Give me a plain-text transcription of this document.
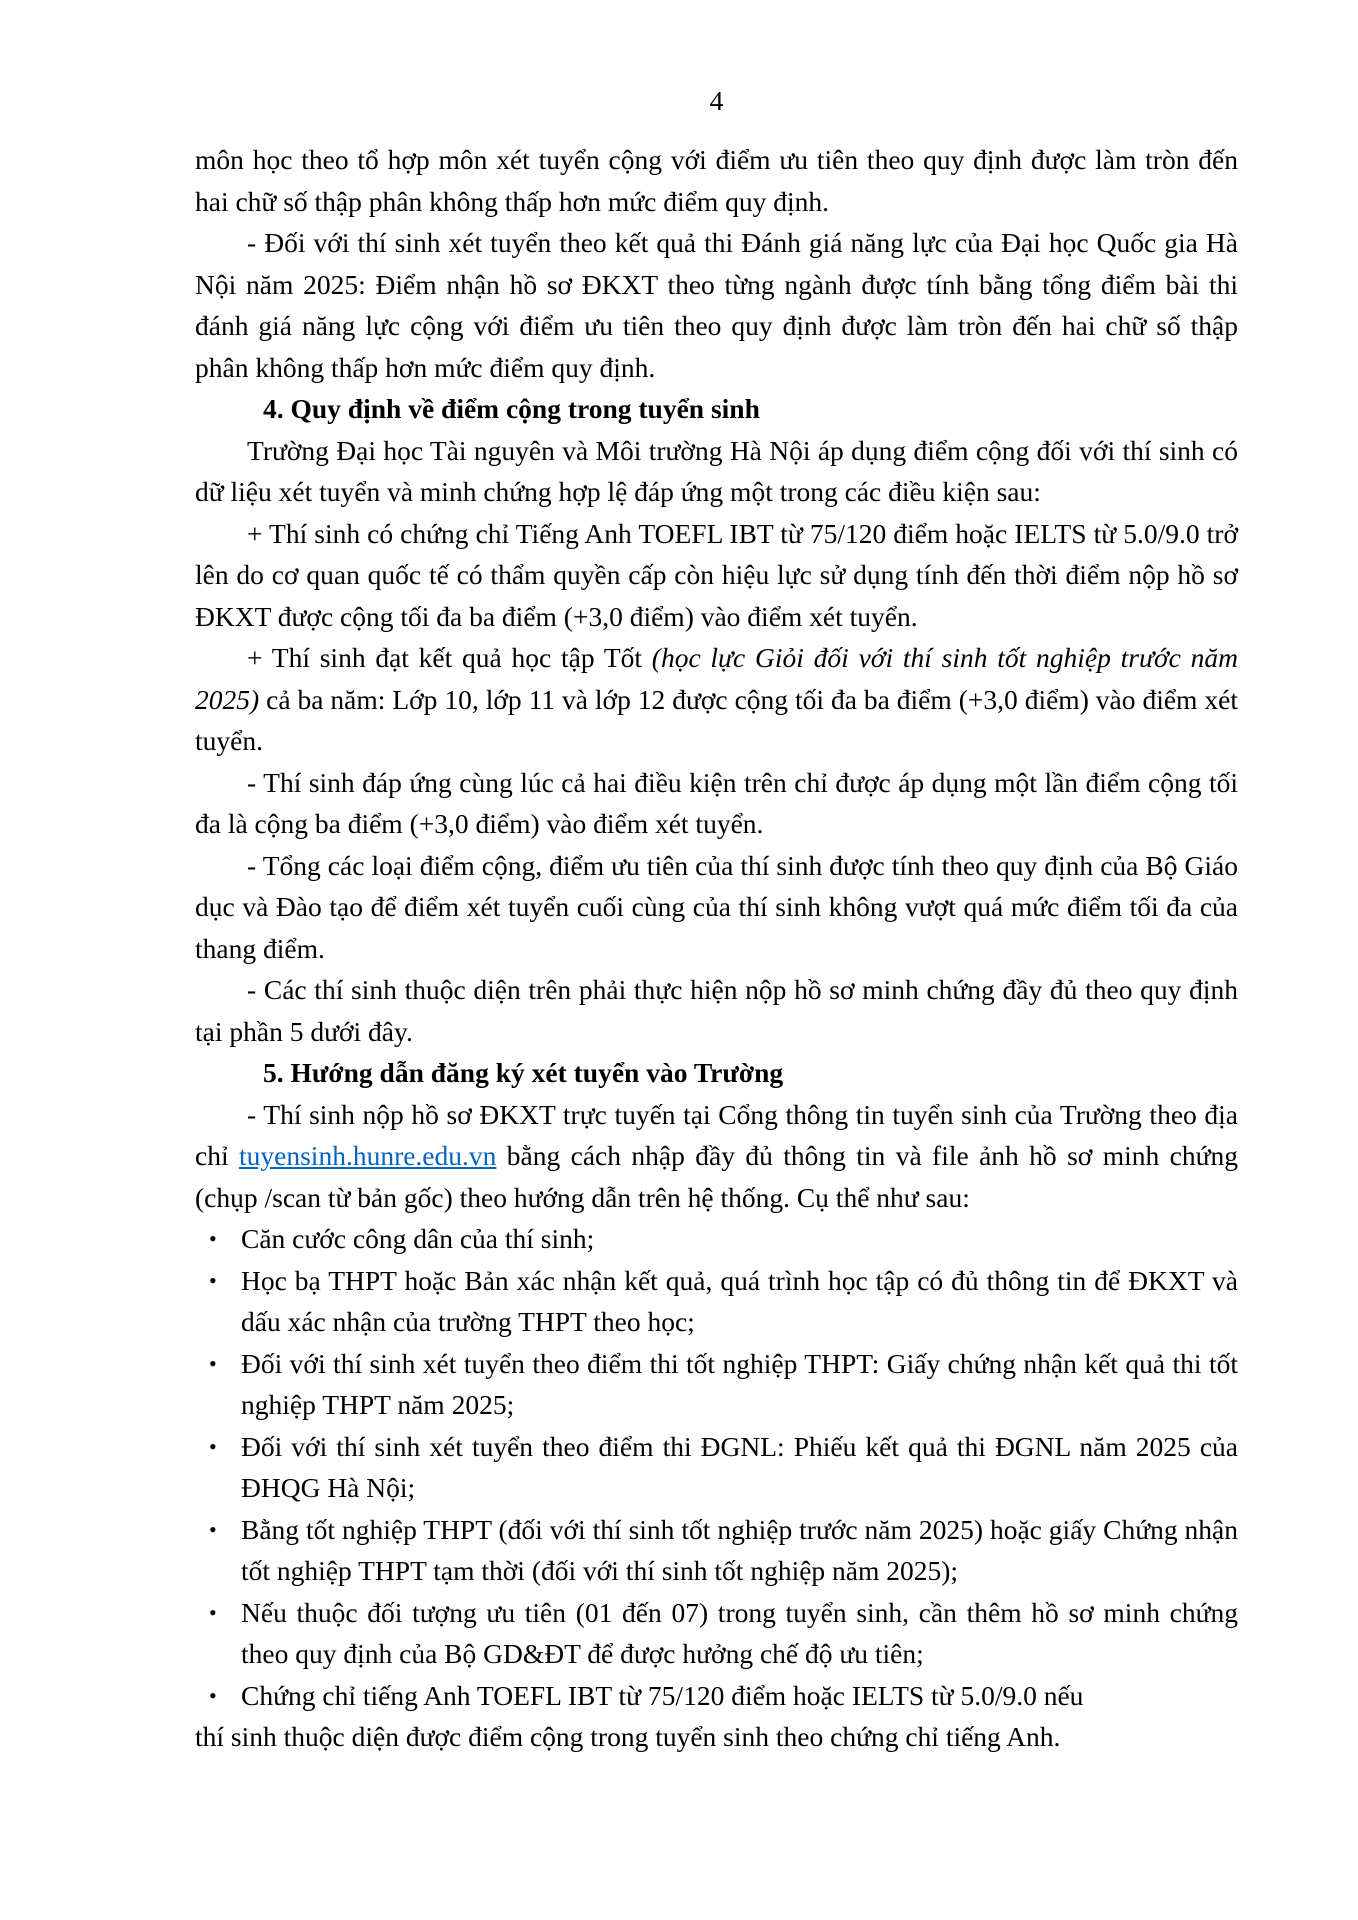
4

môn học theo tổ hợp môn xét tuyển cộng với điểm ưu tiên theo quy định được làm tròn đến hai chữ số thập phân không thấp hơn mức điểm quy định.

- Đối với thí sinh xét tuyển theo kết quả thi Đánh giá năng lực của Đại học Quốc gia Hà Nội năm 2025: Điểm nhận hồ sơ ĐKXT theo từng ngành được tính bằng tổng điểm bài thi đánh giá năng lực cộng với điểm ưu tiên theo quy định được làm tròn đến hai chữ số thập phân không thấp hơn mức điểm quy định.

4. Quy định về điểm cộng trong tuyển sinh

Trường Đại học Tài nguyên và Môi trường Hà Nội áp dụng điểm cộng đối với thí sinh có dữ liệu xét tuyển và minh chứng hợp lệ đáp ứng một trong các điều kiện sau:

+ Thí sinh có chứng chỉ Tiếng Anh TOEFL IBT từ 75/120 điểm hoặc IELTS từ 5.0/9.0 trở lên do cơ quan quốc tế có thẩm quyền cấp còn hiệu lực sử dụng tính đến thời điểm nộp hồ sơ ĐKXT được cộng tối đa ba điểm (+3,0 điểm) vào điểm xét tuyển.

+ Thí sinh đạt kết quả học tập Tốt (học lực Giỏi đối với thí sinh tốt nghiệp trước năm 2025) cả ba năm: Lớp 10, lớp 11 và lớp 12 được cộng tối đa ba điểm (+3,0 điểm) vào điểm xét tuyển.

- Thí sinh đáp ứng cùng lúc cả hai điều kiện trên chỉ được áp dụng một lần điểm cộng tối đa là cộng ba điểm (+3,0 điểm) vào điểm xét tuyển.

- Tổng các loại điểm cộng, điểm ưu tiên của thí sinh được tính theo quy định của Bộ Giáo dục và Đào tạo để điểm xét tuyển cuối cùng của thí sinh không vượt quá mức điểm tối đa của thang điểm.

- Các thí sinh thuộc diện trên phải thực hiện nộp hồ sơ minh chứng đầy đủ theo quy định tại phần 5 dưới đây.

5. Hướng dẫn đăng ký xét tuyển vào Trường

- Thí sinh nộp hồ sơ ĐKXT trực tuyến tại Cổng thông tin tuyển sinh của Trường theo địa chỉ tuyensinh.hunre.edu.vn bằng cách nhập đầy đủ thông tin và file ảnh hồ sơ minh chứng (chụp /scan từ bản gốc) theo hướng dẫn trên hệ thống. Cụ thể như sau:

• Căn cước công dân của thí sinh;
• Học bạ THPT hoặc Bản xác nhận kết quả, quá trình học tập có đủ thông tin để ĐKXT và dấu xác nhận của trường THPT theo học;
• Đối với thí sinh xét tuyển theo điểm thi tốt nghiệp THPT: Giấy chứng nhận kết quả thi tốt nghiệp THPT năm 2025;
• Đối với thí sinh xét tuyển theo điểm thi ĐGNL: Phiếu kết quả thi ĐGNL năm 2025 của ĐHQG Hà Nội;
• Bằng tốt nghiệp THPT (đối với thí sinh tốt nghiệp trước năm 2025) hoặc giấy Chứng nhận tốt nghiệp THPT tạm thời (đối với thí sinh tốt nghiệp năm 2025);
• Nếu thuộc đối tượng ưu tiên (01 đến 07) trong tuyển sinh, cần thêm hồ sơ minh chứng theo quy định của Bộ GD&ĐT để được hưởng chế độ ưu tiên;
• Chứng chỉ tiếng Anh TOEFL IBT từ 75/120 điểm hoặc IELTS từ 5.0/9.0 nếu

thí sinh thuộc diện được điểm cộng trong tuyển sinh theo chứng chỉ tiếng Anh.
